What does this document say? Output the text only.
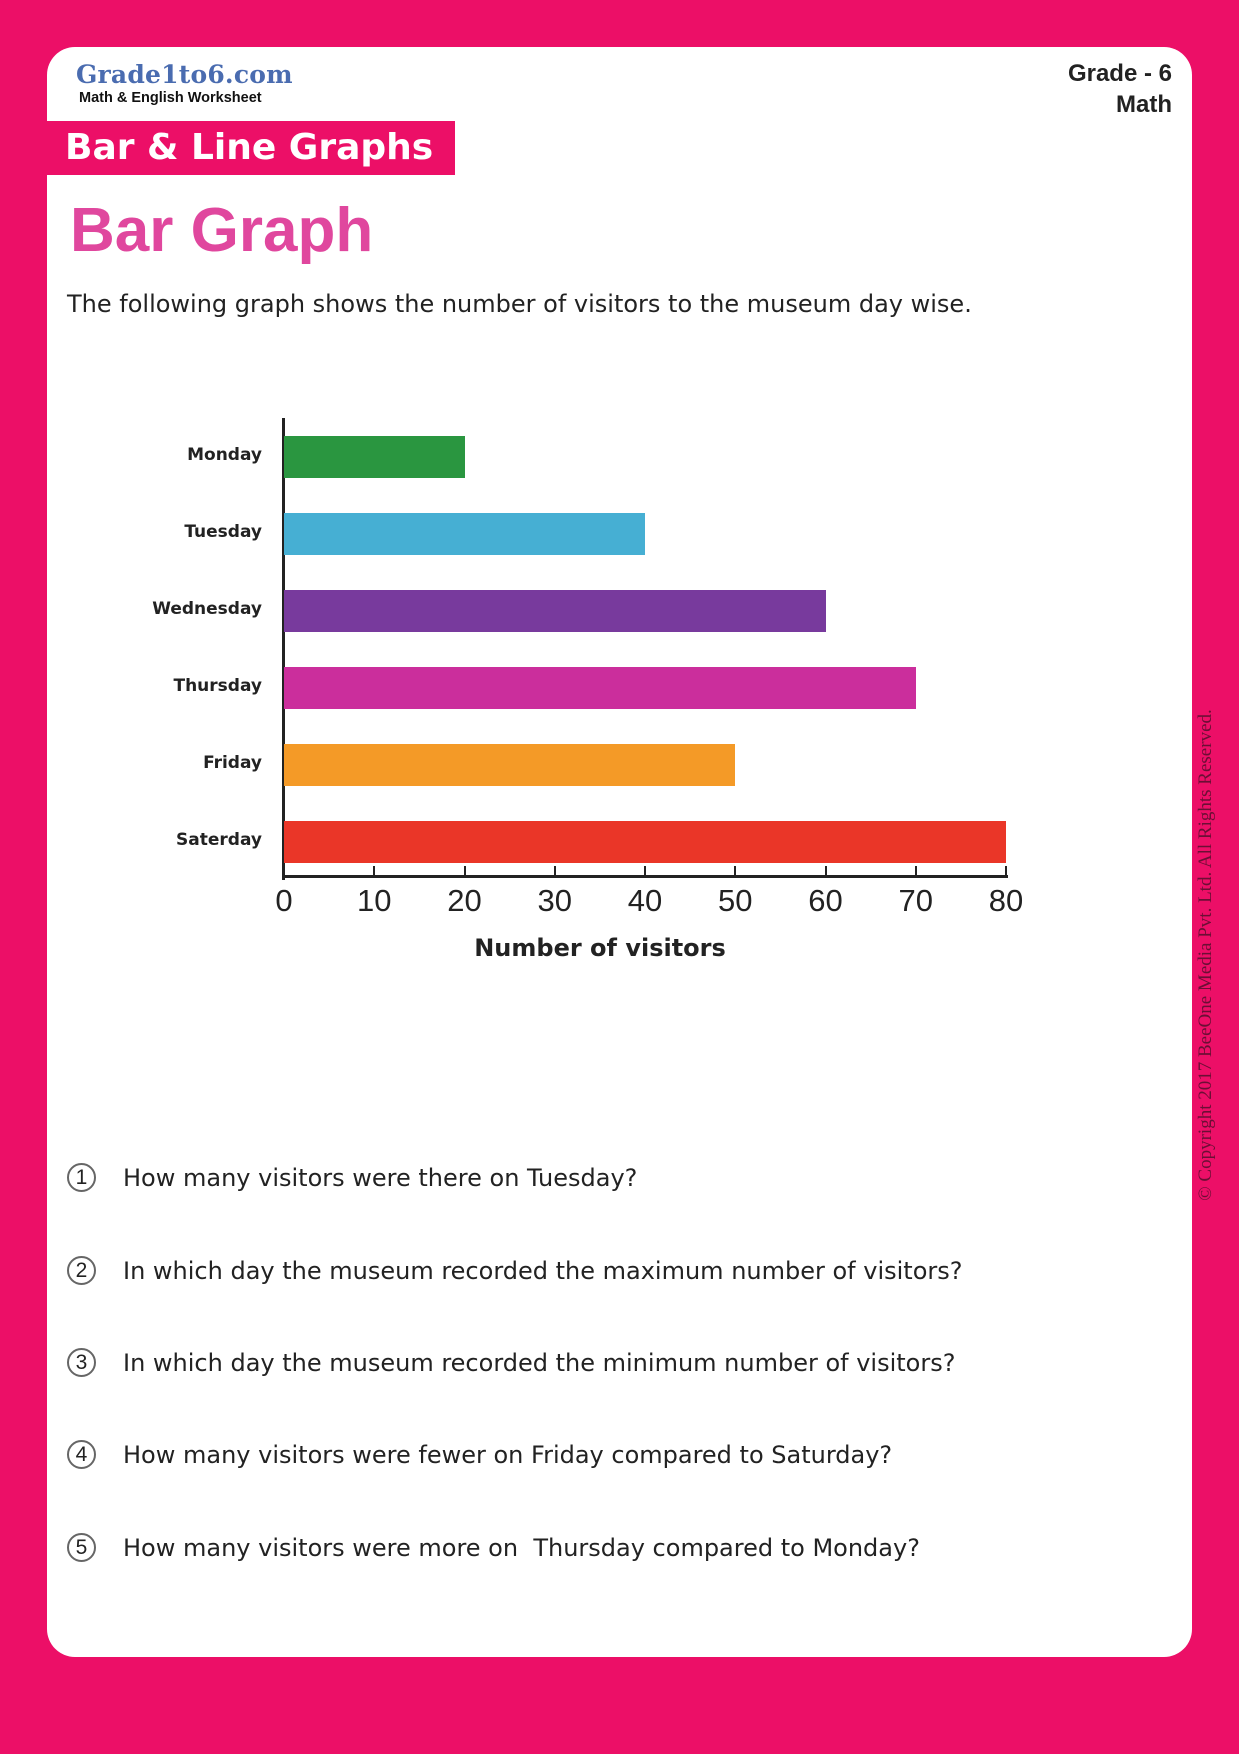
Grade1to6.com
Math & English Worksheet
Grade - 6
Math
Bar & Line Graphs
Bar Graph
The following graph shows the number of visitors to the museum day wise.
Number of visitors
Monday
Tuesday
Wednesday
Thursday
Friday
Saterday
0	10	20	30	40	50	60	70	80
1	How many visitors were there on Tuesday?
2	In which day the museum recorded the maximum number of visitors?
3	In which day the museum recorded the minimum number of visitors?
4	How many visitors were fewer on Friday compared to Saturday?
5	How many visitors were more on  Thursday compared to Monday?
© Copyright 2017 BeeOne Media Pvt. Ltd. All Rights Reserved.
